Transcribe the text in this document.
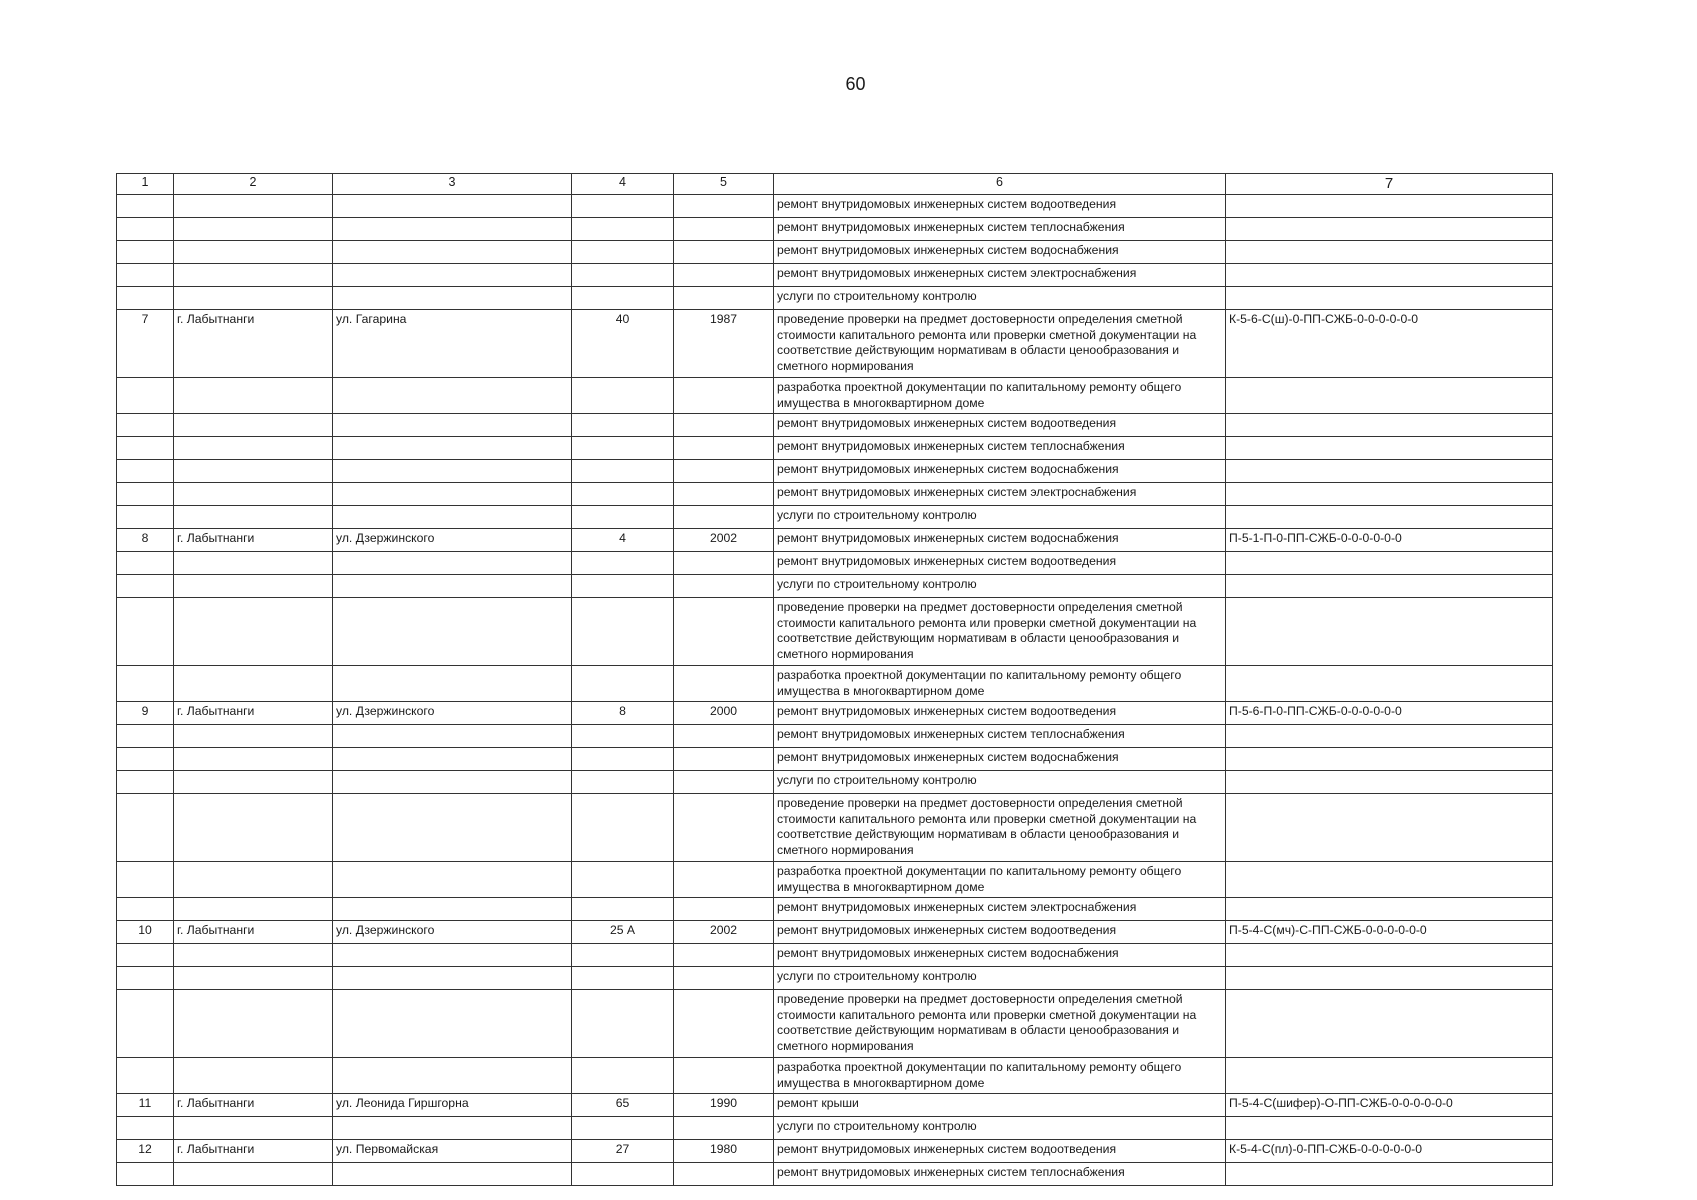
60
1	2	3	4	5	6	7
					ремонт внутридомовых инженерных систем водоотведения	
					ремонт внутридомовых инженерных систем теплоснабжения	
					ремонт внутридомовых инженерных систем водоснабжения	
					ремонт внутридомовых инженерных систем электроснабжения	
					услуги по строительному контролю	
7	г. Лабытнанги	ул. Гагарина	40	1987	проведение проверки на предмет достоверности определения сметной стоимости капитального ремонта или проверки сметной документации на соответствие действующим нормативам в области ценообразования и сметного нормирования	К-5-6-С(ш)-0-ПП-СЖБ-0-0-0-0-0-0
					разработка проектной документации по капитальному ремонту общего имущества в многоквартирном доме	
					ремонт внутридомовых инженерных систем водоотведения	
					ремонт внутридомовых инженерных систем теплоснабжения	
					ремонт внутридомовых инженерных систем водоснабжения	
					ремонт внутридомовых инженерных систем электроснабжения	
					услуги по строительному контролю	
8	г. Лабытнанги	ул. Дзержинского	4	2002	ремонт внутридомовых инженерных систем водоснабжения	П-5-1-П-0-ПП-СЖБ-0-0-0-0-0-0
					ремонт внутридомовых инженерных систем водоотведения	
					услуги по строительному контролю	
					проведение проверки на предмет достоверности определения сметной стоимости капитального ремонта или проверки сметной документации на соответствие действующим нормативам в области ценообразования и сметного нормирования	
					разработка проектной документации по капитальному ремонту общего имущества в многоквартирном доме	
9	г. Лабытнанги	ул. Дзержинского	8	2000	ремонт внутридомовых инженерных систем водоотведения	П-5-6-П-0-ПП-СЖБ-0-0-0-0-0-0
					ремонт внутридомовых инженерных систем теплоснабжения	
					ремонт внутридомовых инженерных систем водоснабжения	
					услуги по строительному контролю	
					проведение проверки на предмет достоверности определения сметной стоимости капитального ремонта или проверки сметной документации на соответствие действующим нормативам в области ценообразования и сметного нормирования	
					разработка проектной документации по капитальному ремонту общего имущества в многоквартирном доме	
					ремонт внутридомовых инженерных систем электроснабжения	
10	г. Лабытнанги	ул. Дзержинского	25 А	2002	ремонт внутридомовых инженерных систем водоотведения	П-5-4-С(мч)-С-ПП-СЖБ-0-0-0-0-0-0
					ремонт внутридомовых инженерных систем водоснабжения	
					услуги по строительному контролю	
					проведение проверки на предмет достоверности определения сметной стоимости капитального ремонта или проверки сметной документации на соответствие действующим нормативам в области ценообразования и сметного нормирования	
					разработка проектной документации по капитальному ремонту общего имущества в многоквартирном доме	
11	г. Лабытнанги	ул. Леонида Гиршгорна	65	1990	ремонт крыши	П-5-4-С(шифер)-О-ПП-СЖБ-0-0-0-0-0-0
					услуги по строительному контролю	
12	г. Лабытнанги	ул. Первомайская	27	1980	ремонт внутридомовых инженерных систем водоотведения	К-5-4-С(пл)-0-ПП-СЖБ-0-0-0-0-0-0
					ремонт внутридомовых инженерных систем теплоснабжения	
